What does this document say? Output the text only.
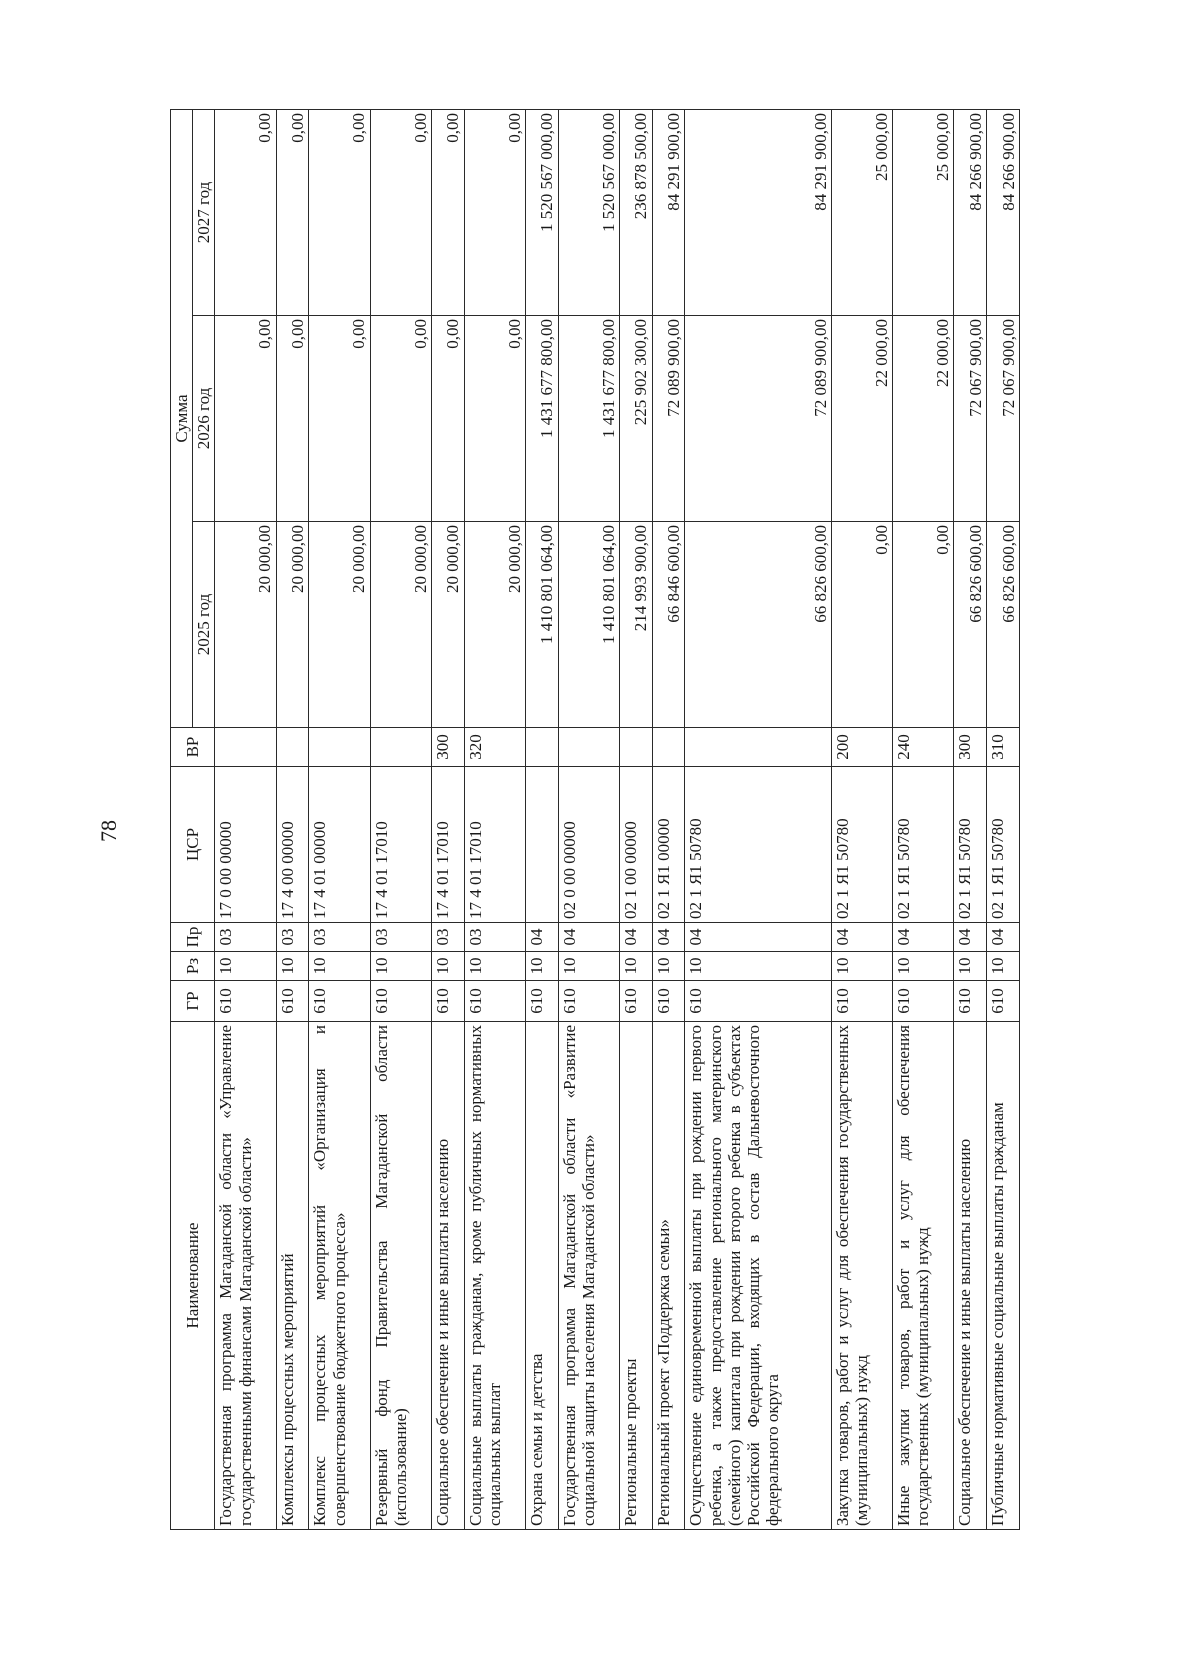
78
Наименование	ГР	Рз	Пр	ЦСР	ВР	Сумма		
						2025 год	2026 год	2027 год
Государственная программа Магаданской области «Управление государственными финансами Магаданской области»	610	10	03	17 0 00 00000		20 000,00	0,00	0,00
Комплексы процессных мероприятий	610	10	03	17 4 00 00000		20 000,00	0,00	0,00
Комплекс процессных мероприятий «Организация и совершенствование бюджетного процесса»	610	10	03	17 4 01 00000		20 000,00	0,00	0,00
Резервный фонд Правительства Магаданской области (использование)	610	10	03	17 4 01 17010		20 000,00	0,00	0,00
Социальное обеспечение и иные выплаты населению	610	10	03	17 4 01 17010	300	20 000,00	0,00	0,00
Социальные выплаты гражданам, кроме публичных нормативных социальных выплат	610	10	03	17 4 01 17010	320	20 000,00	0,00	0,00
Охрана семьи и детства	610	10	04			1 410 801 064,00	1 431 677 800,00	1 520 567 000,00
Государственная программа Магаданской области «Развитие социальной защиты населения Магаданской области»	610	10	04	02 0 00 00000		1 410 801 064,00	1 431 677 800,00	1 520 567 000,00
Региональные проекты	610	10	04	02 1 00 00000		214 993 900,00	225 902 300,00	236 878 500,00
Региональный проект «Поддержка семьи»	610	10	04	02 1 Я1 00000		66 846 600,00	72 089 900,00	84 291 900,00
Осуществление единовременной выплаты при рождении первого ребенка, а также предоставление регионального материнского (семейного) капитала при рождении второго ребенка в субъектах Российской Федерации, входящих в состав Дальневосточного федерального округа	610	10	04	02 1 Я1 50780		66 826 600,00	72 089 900,00	84 291 900,00
Закупка товаров, работ и услуг для обеспечения государственных (муниципальных) нужд	610	10	04	02 1 Я1 50780	200	0,00	22 000,00	25 000,00
Иные закупки товаров, работ и услуг для обеспечения государственных (муниципальных) нужд	610	10	04	02 1 Я1 50780	240	0,00	22 000,00	25 000,00
Социальное обеспечение и иные выплаты населению	610	10	04	02 1 Я1 50780	300	66 826 600,00	72 067 900,00	84 266 900,00
Публичные нормативные социальные выплаты гражданам	610	10	04	02 1 Я1 50780	310	66 826 600,00	72 067 900,00	84 266 900,00
